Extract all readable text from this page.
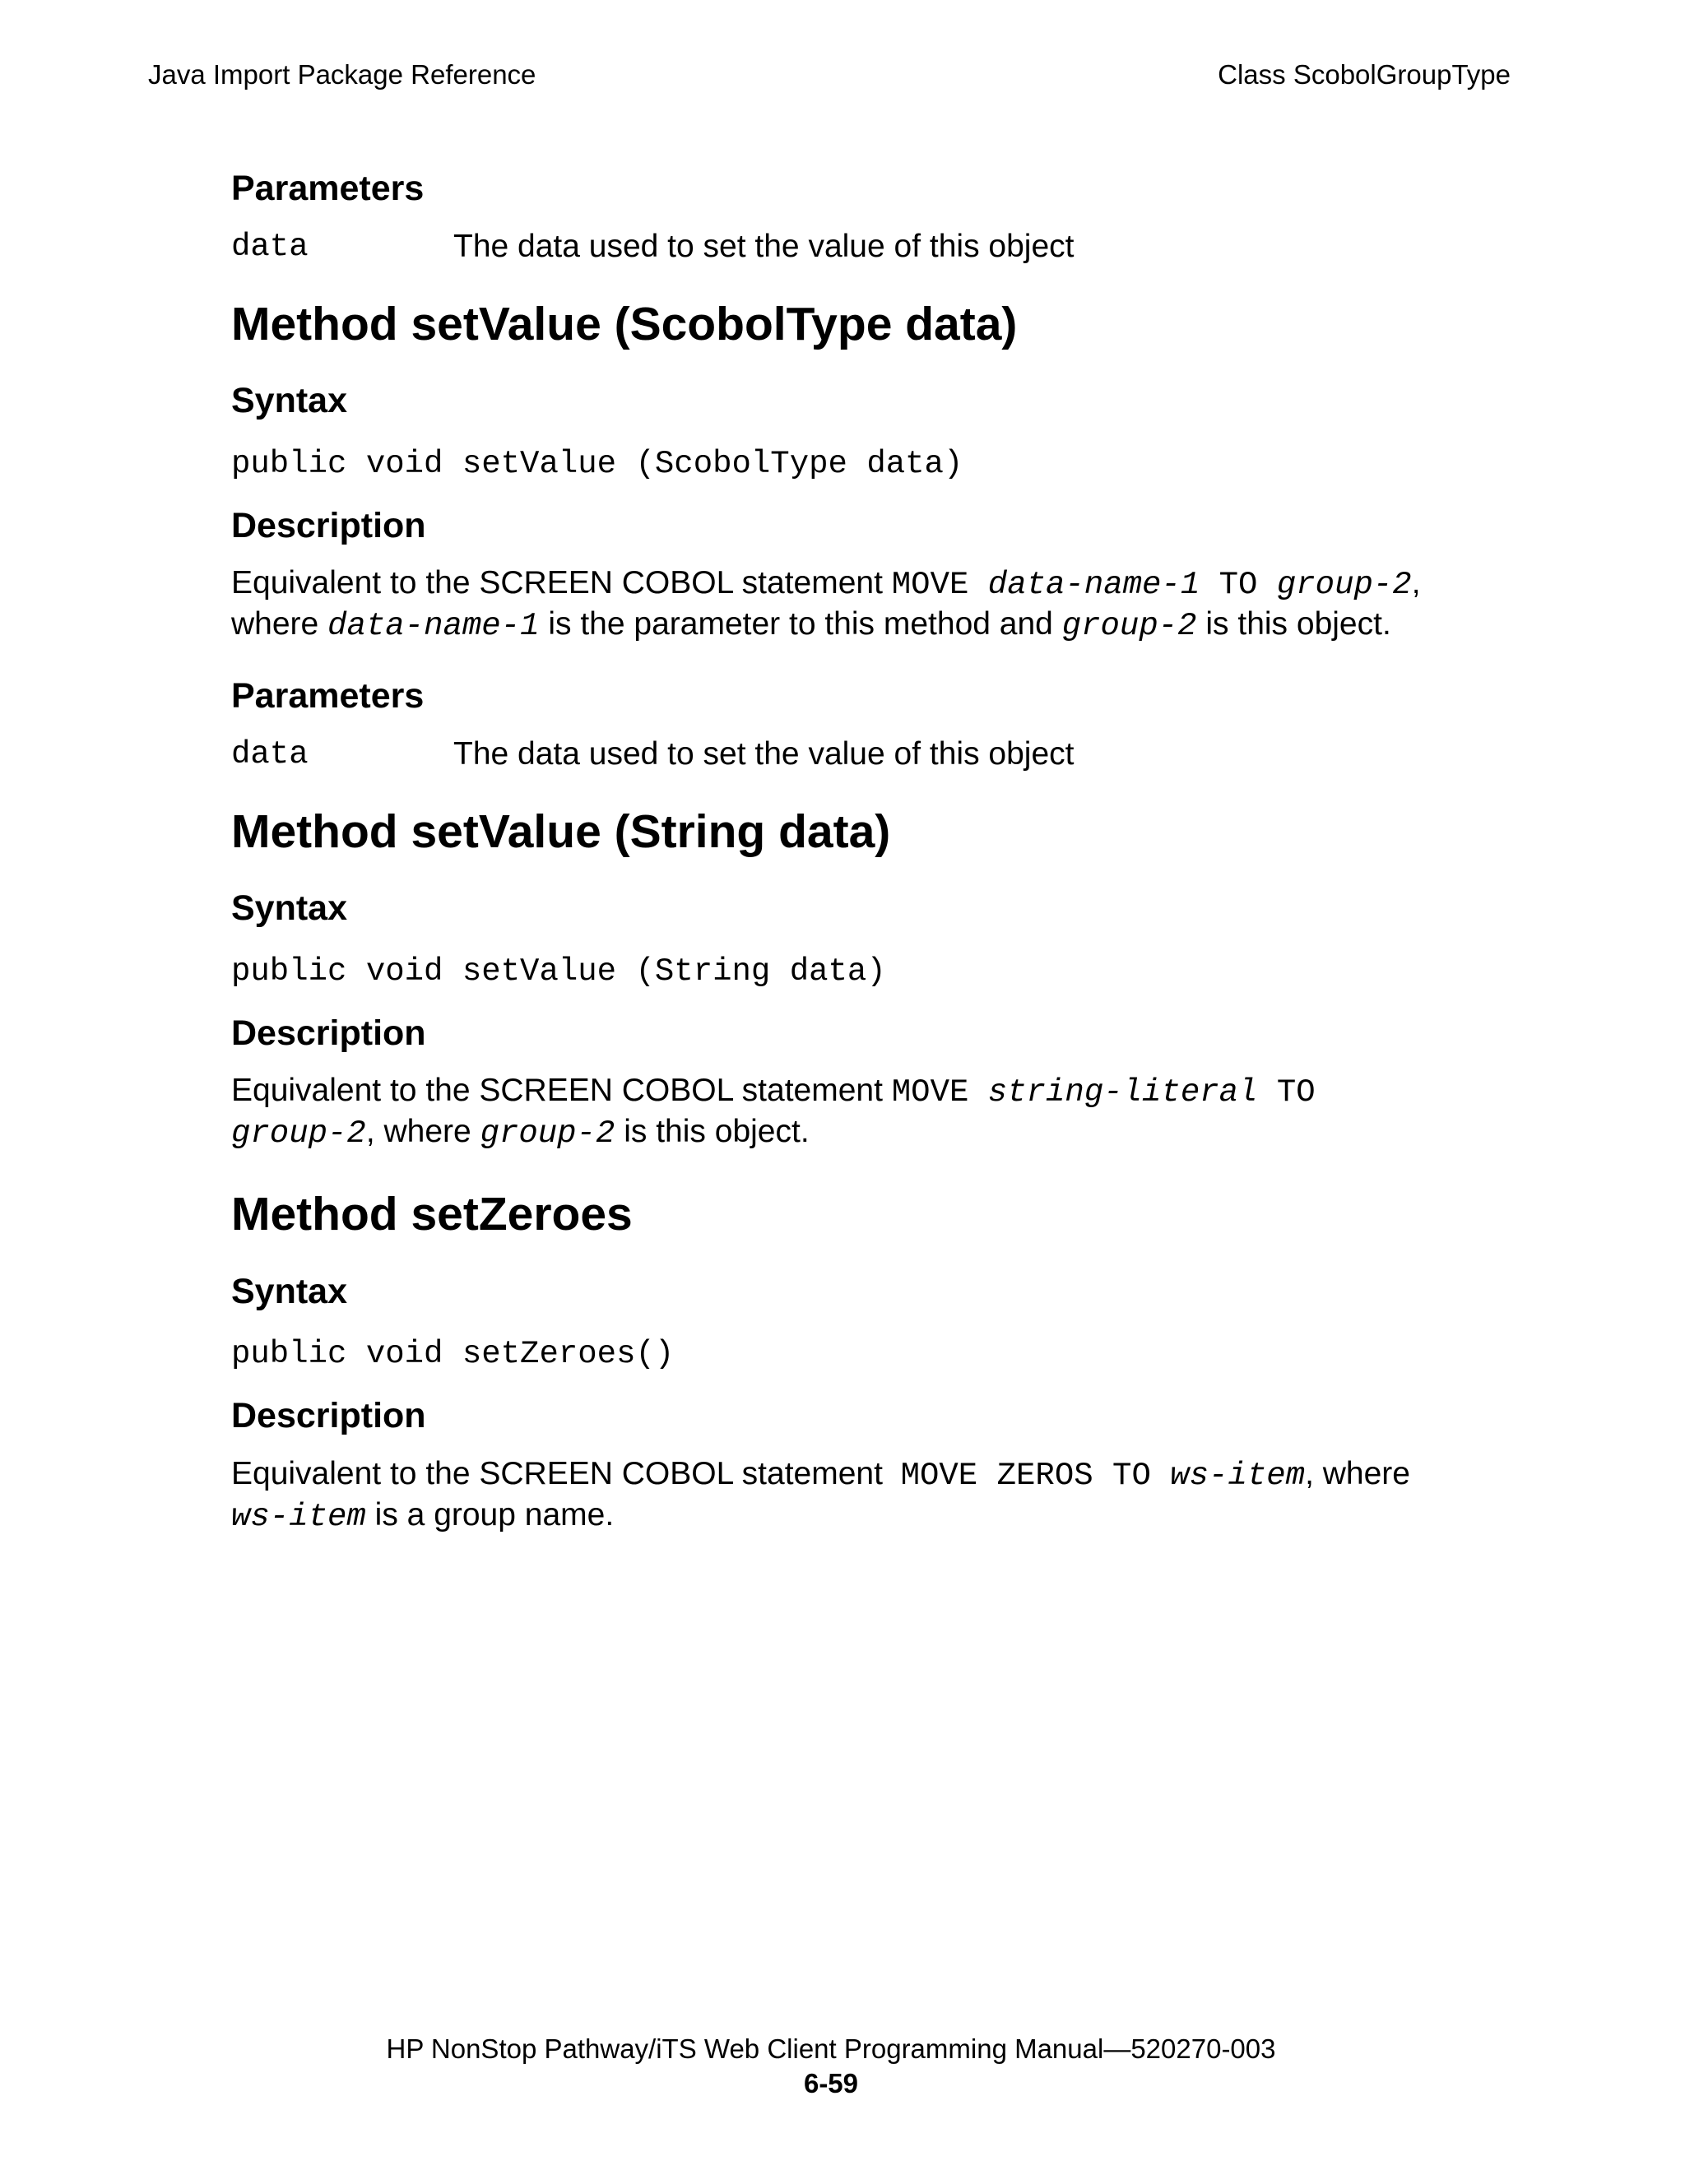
Java Import Package Reference	Class ScobolGroupType

Parameters

data	The data used to set the value of this object

Method setValue (ScobolType data)

Syntax

public void setValue (ScobolType data)

Description

Equivalent to the SCREEN COBOL statement MOVE data-name-1 TO group-2,
where data-name-1 is the parameter to this method and group-2 is this object.

Parameters

data	The data used to set the value of this object

Method setValue (String data)

Syntax

public void setValue (String data)

Description

Equivalent to the SCREEN COBOL statement MOVE string-literal TO
group-2, where group-2 is this object.

Method setZeroes

Syntax

public void setZeroes()

Description

Equivalent to the SCREEN COBOL statement  MOVE ZEROS TO ws-item, where
ws-item is a group name.

HP NonStop Pathway/iTS Web Client Programming Manual—520270-003
6-59
